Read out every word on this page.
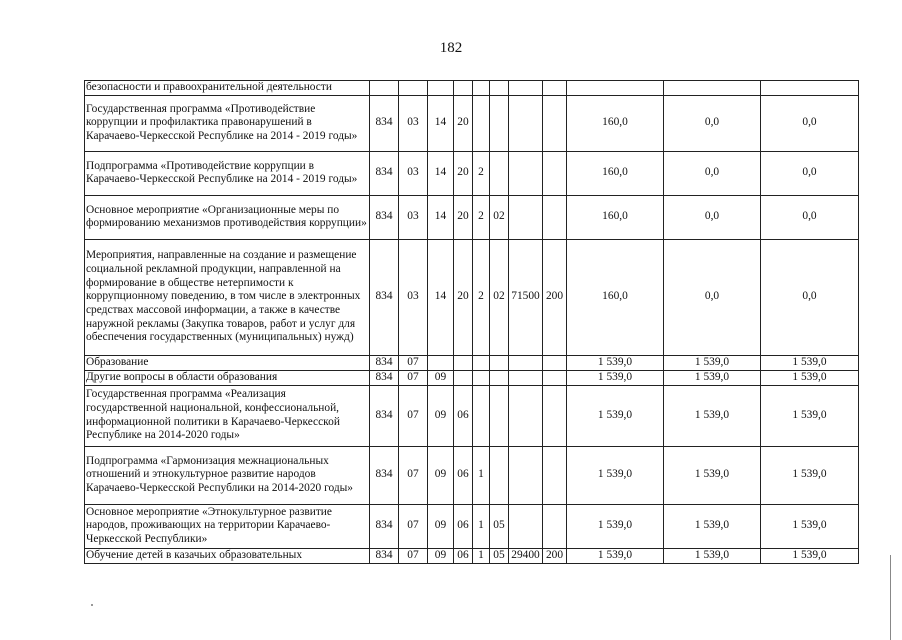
182
безопасности и правоохранительной деятельности											
Государственная программа «Противодействие коррупции и профилактика правонарушений в Карачаево-Черкесской Республике на 2014 - 2019 годы»	834	03	14	20					160,0	0,0	0,0
Подпрограмма «Противодействие коррупции в Карачаево-Черкесской Республике на 2014 - 2019 годы»	834	03	14	20	2				160,0	0,0	0,0
Основное мероприятие «Организационные меры по формированию механизмов противодействия коррупции»	834	03	14	20	2	02			160,0	0,0	0,0
Мероприятия, направленные на создание и размещение социальной рекламной продукции, направленной на формирование в обществе нетерпимости к коррупционному поведению, в том числе в электронных средствах массовой информации, а также в качестве наружной рекламы (Закупка товаров, работ и услуг для обеспечения государственных (муниципальных) нужд)	834	03	14	20	2	02	71500	200	160,0	0,0	0,0
Образование	834	07							1 539,0	1 539,0	1 539,0
Другие вопросы в области образования	834	07	09						1 539,0	1 539,0	1 539,0
Государственная программа «Реализация государственной национальной, конфессиональной, информационной политики в Карачаево-Черкесской Республике на 2014-2020 годы»	834	07	09	06					1 539,0	1 539,0	1 539,0
Подпрограмма «Гармонизация межнациональных отношений и этнокультурное развитие народов Карачаево-Черкесской Республики на 2014-2020 годы»	834	07	09	06	1				1 539,0	1 539,0	1 539,0
Основное мероприятие «Этнокультурное развитие народов, проживающих на территории Карачаево-Черкесской Республики»	834	07	09	06	1	05			1 539,0	1 539,0	1 539,0
Обучение детей в казачьих образовательных	834	07	09	06	1	05	29400	200	1 539,0	1 539,0	1 539,0
